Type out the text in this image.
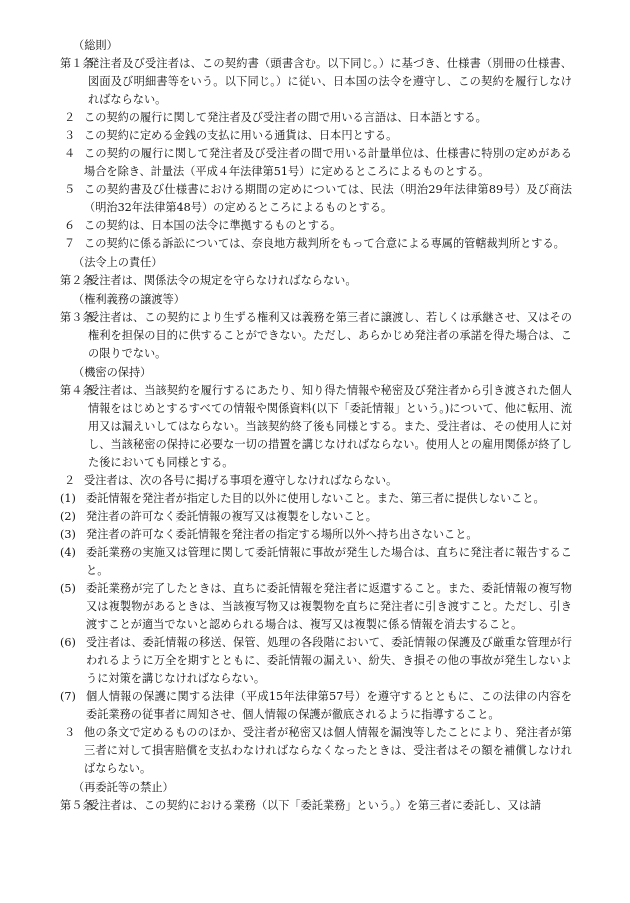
（総則）
第１条
発注者及び受注者は、この契約書（頭書含む。以下同じ。）に基づき、仕様書（別冊の仕様書、図面及び明細書等をいう。以下同じ。）に従い、日本国の法令を遵守し、この契約を履行しなければならない。
２ この契約の履行に関して発注者及び受注者の間で用いる言語は、日本語とする。
３ この契約に定める金銭の支払に用いる通貨は、日本円とする。
４ この契約の履行に関して発注者及び受注者の間で用いる計量単位は、仕様書に特別の定めがある場合を除き、計量法（平成４年法律第51号）に定めるところによるものとする。
５ この契約書及び仕様書における期間の定めについては、民法（明治29年法律第89号）及び商法（明治32年法律第48号）の定めるところによるものとする。
６ この契約は、日本国の法令に準拠するものとする。
７ この契約に係る訴訟については、奈良地方裁判所をもって合意による専属的管轄裁判所とする。
（法令上の責任）
第２条
受注者は、関係法令の規定を守らなければならない。
（権利義務の譲渡等）
第３条
受注者は、この契約により生ずる権利又は義務を第三者に譲渡し、若しくは承継させ、又はその権利を担保の目的に供することができない。ただし、あらかじめ発注者の承諾を得た場合は、この限りでない。
（機密の保持）
第４条
受注者は、当該契約を履行するにあたり、知り得た情報や秘密及び発注者から引き渡された個人情報をはじめとするすべての情報や関係資料(以下「委託情報」という。)について、他に転用、流用又は漏えいしてはならない。当該契約終了後も同様とする。また、受注者は、その使用人に対し、当該秘密の保持に必要な一切の措置を講じなければならない。使用人との雇用関係が終了した後においても同様とする。
２ 受注者は、次の各号に掲げる事項を遵守しなければならない。
(1) 委託情報を発注者が指定した目的以外に使用しないこと。また、第三者に提供しないこと。
(2) 発注者の許可なく委託情報の複写又は複製をしないこと。
(3) 発注者の許可なく委託情報を発注者の指定する場所以外へ持ち出さないこと。
(4) 委託業務の実施又は管理に関して委託情報に事故が発生した場合は、直ちに発注者に報告すること。
(5) 委託業務が完了したときは、直ちに委託情報を発注者に返還すること。また、委託情報の複写物又は複製物があるときは、当該複写物又は複製物を直ちに発注者に引き渡すこと。ただし、引き渡すことが適当でないと認められる場合は、複写又は複製に係る情報を消去すること。
(6) 受注者は、委託情報の移送、保管、処理の各段階において、委託情報の保護及び厳重な管理が行われるように万全を期すとともに、委託情報の漏えい、紛失、き損その他の事故が発生しないように対策を講じなければならない。
(7) 個人情報の保護に関する法律（平成15年法律第57号）を遵守するとともに、この法律の内容を委託業務の従事者に周知させ、個人情報の保護が徹底されるように指導すること。
３ 他の条文で定めるもののほか、受注者が秘密又は個人情報を漏洩等したことにより、発注者が第三者に対して損害賠償を支払わなければならなくなったときは、受注者はその額を補償しなければならない。
（再委託等の禁止）
第５条
受注者は、この契約における業務（以下「委託業務」という。）を第三者に委託し、又は請
